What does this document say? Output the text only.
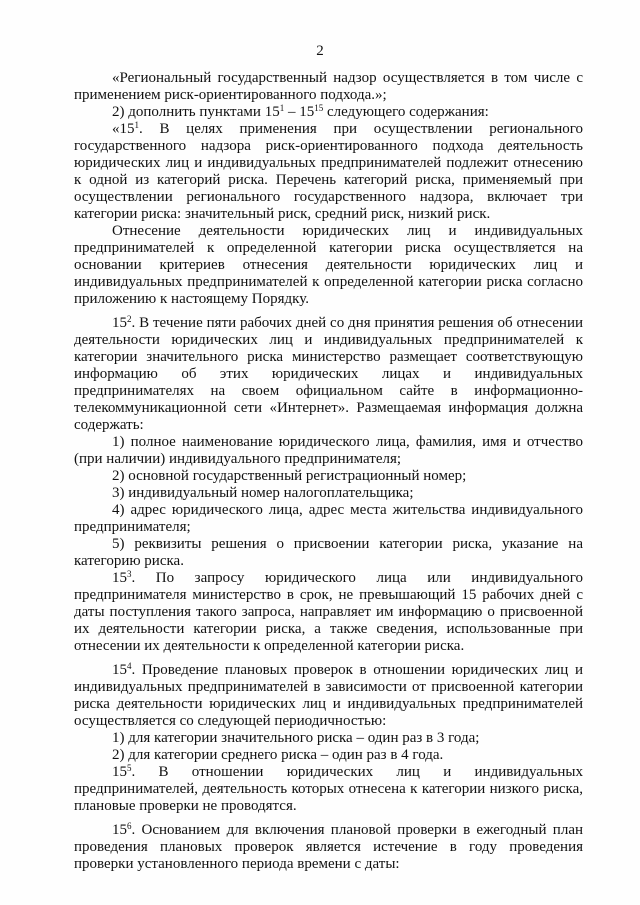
2

«Региональный государственный надзор осуществляется в том числе с применением риск-ориентированного подхода.»;

2) дополнить пунктами $15^1 - 15^{15}$ следующего содержания:

«$15^1$. В целях применения при осуществлении регионального государственного надзора риск-ориентированного подхода деятельность юридических лиц и индивидуальных предпринимателей подлежит отнесению к одной из категорий риска. Перечень категорий риска, применяемый при осуществлении регионального государственного надзора, включает три категории риска: значительный риск, средний риск, низкий риск.

Отнесение деятельности юридических лиц и индивидуальных предпринимателей к определенной категории риска осуществляется на основании критериев отнесения деятельности юридических лиц и индивидуальных предпринимателей к определенной категории риска согласно приложению к настоящему Порядку.

$15^2$. В течение пяти рабочих дней со дня принятия решения об отнесении деятельности юридических лиц и индивидуальных предпринимателей к категории значительного риска министерство размещает соответствующую информацию об этих юридических лицах и индивидуальных предпринимателях на своем официальном сайте в информационно-телекоммуникационной сети «Интернет». Размещаемая информация должна содержать:

1) полное наименование юридического лица, фамилия, имя и отчество (при наличии) индивидуального предпринимателя;

2) основной государственный регистрационный номер;

3) индивидуальный номер налогоплательщика;

4) адрес юридического лица, адрес места жительства индивидуального предпринимателя;

5) реквизиты решения о присвоении категории риска, указание на категорию риска.

$15^3$. По запросу юридического лица или индивидуального предпринимателя министерство в срок, не превышающий 15 рабочих дней с даты поступления такого запроса, направляет им информацию о присвоенной их деятельности категории риска, а также сведения, использованные при отнесении их деятельности к определенной категории риска.

$15^4$. Проведение плановых проверок в отношении юридических лиц и индивидуальных предпринимателей в зависимости от присвоенной категории риска деятельности юридических лиц и индивидуальных предпринимателей осуществляется со следующей периодичностью:

1) для категории значительного риска – один раз в 3 года;

2) для категории среднего риска – один раз в 4 года.

$15^5$. В отношении юридических лиц и индивидуальных предпринимателей, деятельность которых отнесена к категории низкого риска, плановые проверки не проводятся.

$15^6$. Основанием для включения плановой проверки в ежегодный план проведения плановых проверок является истечение в году проведения проверки установленного периода времени с даты:
